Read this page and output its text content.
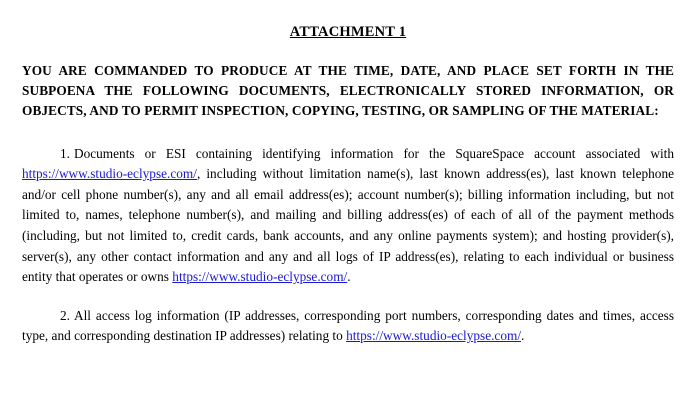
ATTACHMENT 1
YOU ARE COMMANDED TO PRODUCE AT THE TIME, DATE, AND PLACE SET FORTH IN THE SUBPOENA THE FOLLOWING DOCUMENTS, ELECTRONICALLY STORED INFORMATION, OR OBJECTS, AND TO PERMIT INSPECTION, COPYING, TESTING, OR SAMPLING OF THE MATERIAL:
1. Documents or ESI containing identifying information for the SquareSpace account associated with https://www.studio-eclypse.com/, including without limitation name(s), last known address(es), last known telephone and/or cell phone number(s), any and all email address(es); account number(s); billing information including, but not limited to, names, telephone number(s), and mailing and billing address(es) of each of all of the payment methods (including, but not limited to, credit cards, bank accounts, and any online payments system); and hosting provider(s), server(s), any other contact information and any and all logs of IP address(es), relating to each individual or business entity that operates or owns https://www.studio-eclypse.com/.
2. All access log information (IP addresses, corresponding port numbers, corresponding dates and times, access type, and corresponding destination IP addresses) relating to https://www.studio-eclypse.com/.
